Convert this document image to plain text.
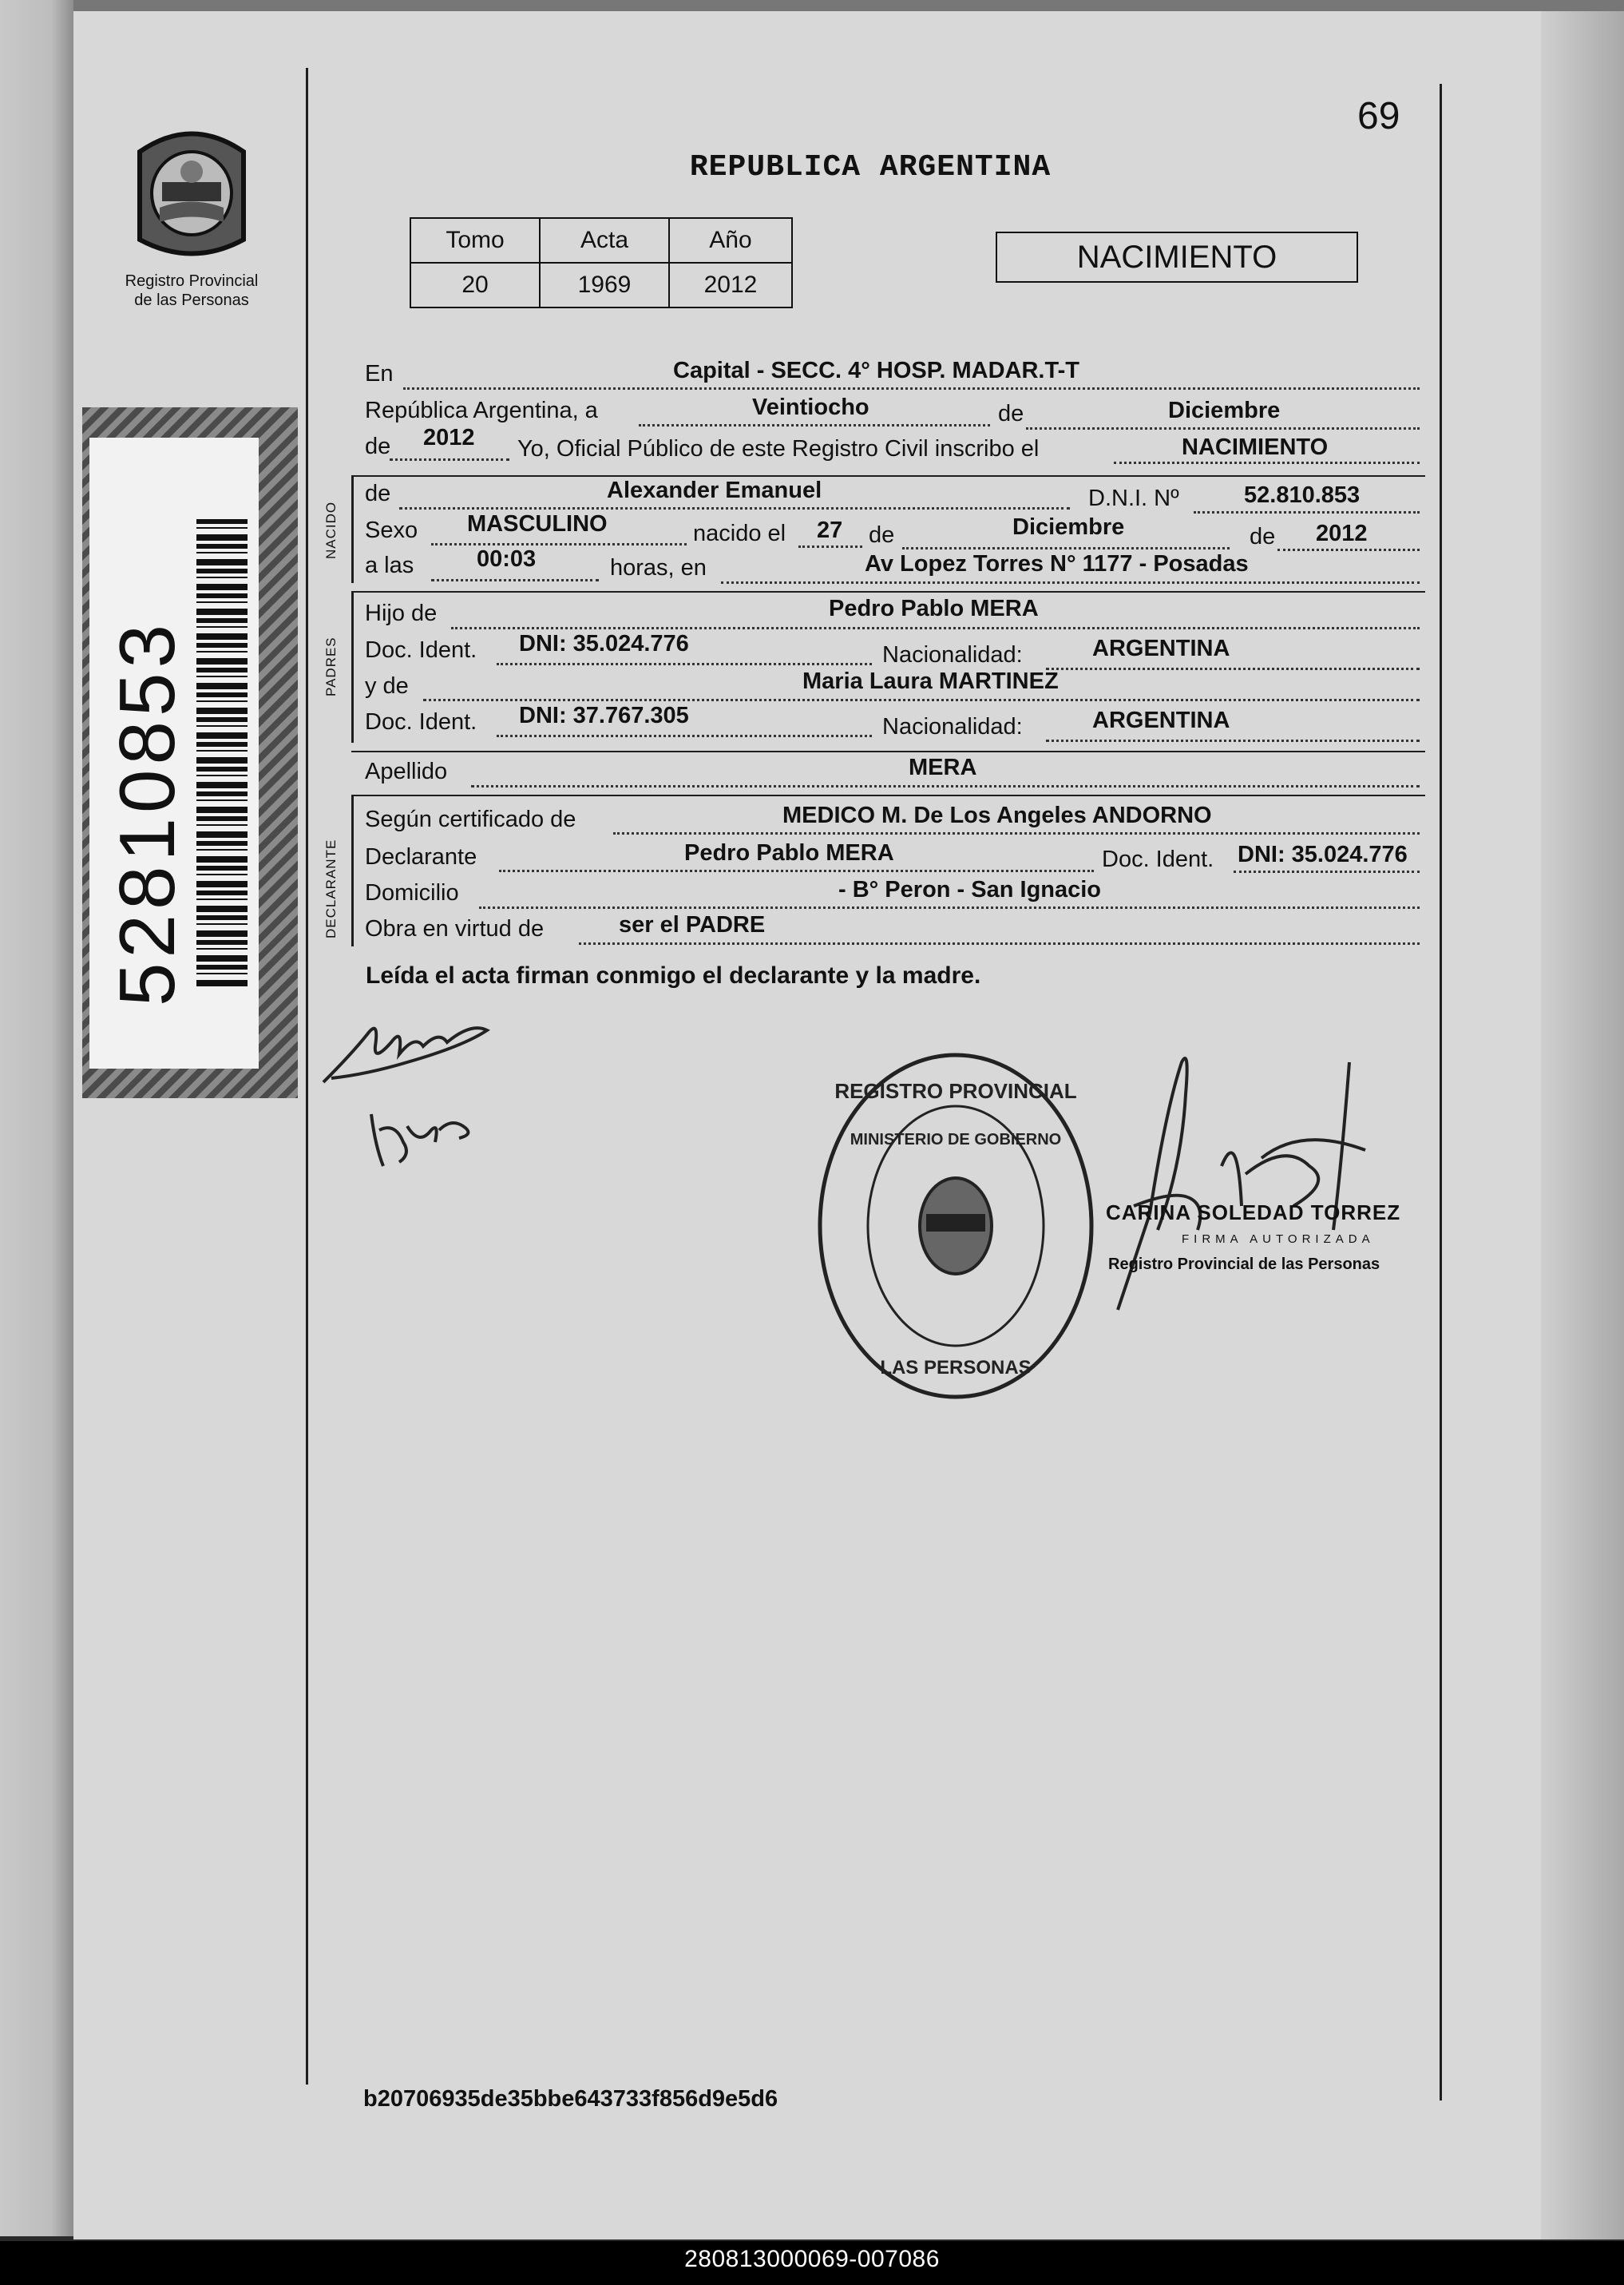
Registro Provincial
de las Personas
52810853
69
REPUBLICA ARGENTINA
Tomo	Acta	Año
20	1969	2012
NACIMIENTO
En	Capital - SECC. 4° HOSP. MADAR.T-T
República Argentina, a	Veintiocho	de	Diciembre
de 2012 Yo, Oficial Público de este Registro Civil inscribo el	NACIMIENTO
NACIDO
de	Alexander Emanuel	D.N.I. Nº	52.810.853
Sexo MASCULINO	nacido el 27 de	Diciembre	de 2012
a las	00:03	horas, en	Av Lopez Torres N° 1177 - Posadas
PADRES
Hijo de	Pedro Pablo MERA
Doc. Ident. DNI: 35.024.776	Nacionalidad:	ARGENTINA
y de	Maria Laura MARTINEZ
Doc. Ident. DNI: 37.767.305	Nacionalidad:	ARGENTINA
Apellido	MERA
DECLARANTE
Según certificado de	MEDICO M. De Los Angeles ANDORNO
Declarante	Pedro Pablo MERA	Doc. Ident. DNI: 35.024.776
Domicilio	- B° Peron - San Ignacio
Obra en virtud de	ser el PADRE
Leída el acta firman conmigo el declarante y la madre.
REGISTRO PROVINCIAL
LAS PERSONAS
MINISTERIO DE GOBIERNO
CARINA SOLEDAD TORREZ
FIRMA AUTORIZADA
Registro Provincial de las Personas
b20706935de35bbe643733f856d9e5d6
280813000069-007086
